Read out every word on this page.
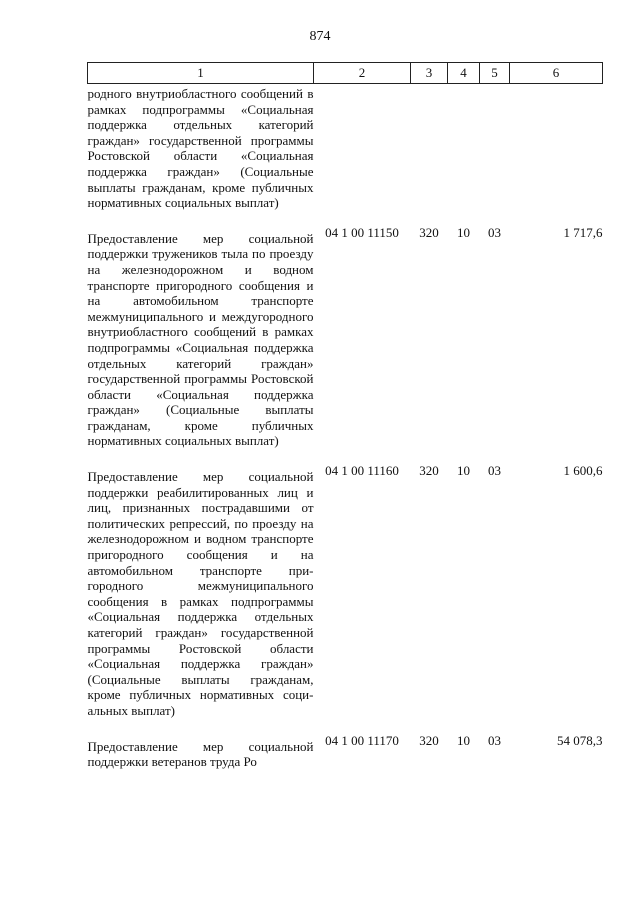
874
1	2	3	4	5	6
родного внутриобластного сообщений в рамках подпрограммы «Социальная поддержка отдельных категорий граждан» государственной программы Ростовской области «Социальная поддержка граждан» (Социальные выплаты гражданам, кроме публичных нормативных социальных выплат)					
Предоставление мер социальной поддержки тружеников тыла по проезду на железнодорожном и водном транспорте пригородного сообщения и на автомобильном транспорте межмуниципального и междугородного внутриобластного сообщений в рамках подпрограммы «Социальная поддержка отдельных категорий граждан» государственной программы Ростовской области «Социальная поддержка граждан» (Социальные выплаты гражданам, кроме публичных нормативных социальных выплат)	04 1 00 11150	320	10	03	1 717,6
Предоставление мер социальной поддержки реабилитированных лиц и лиц, признанных пострадавшими от политических репрессий, по проезду на железнодорожном и водном транспорте пригородного сообщения и на автомобильном транспорте пригородного межмуниципального сообщения в рамках подпрограммы «Социальная поддержка отдельных категорий граждан» государственной программы Ростовской области «Социальная поддержка граждан» (Социальные выплаты гражданам, кроме публичных нормативных социальных выплат)	04 1 00 11160	320	10	03	1 600,6
Предоставление мер социальной поддержки ветеранов труда Ро	04 1 00 11170	320	10	03	54 078,3
